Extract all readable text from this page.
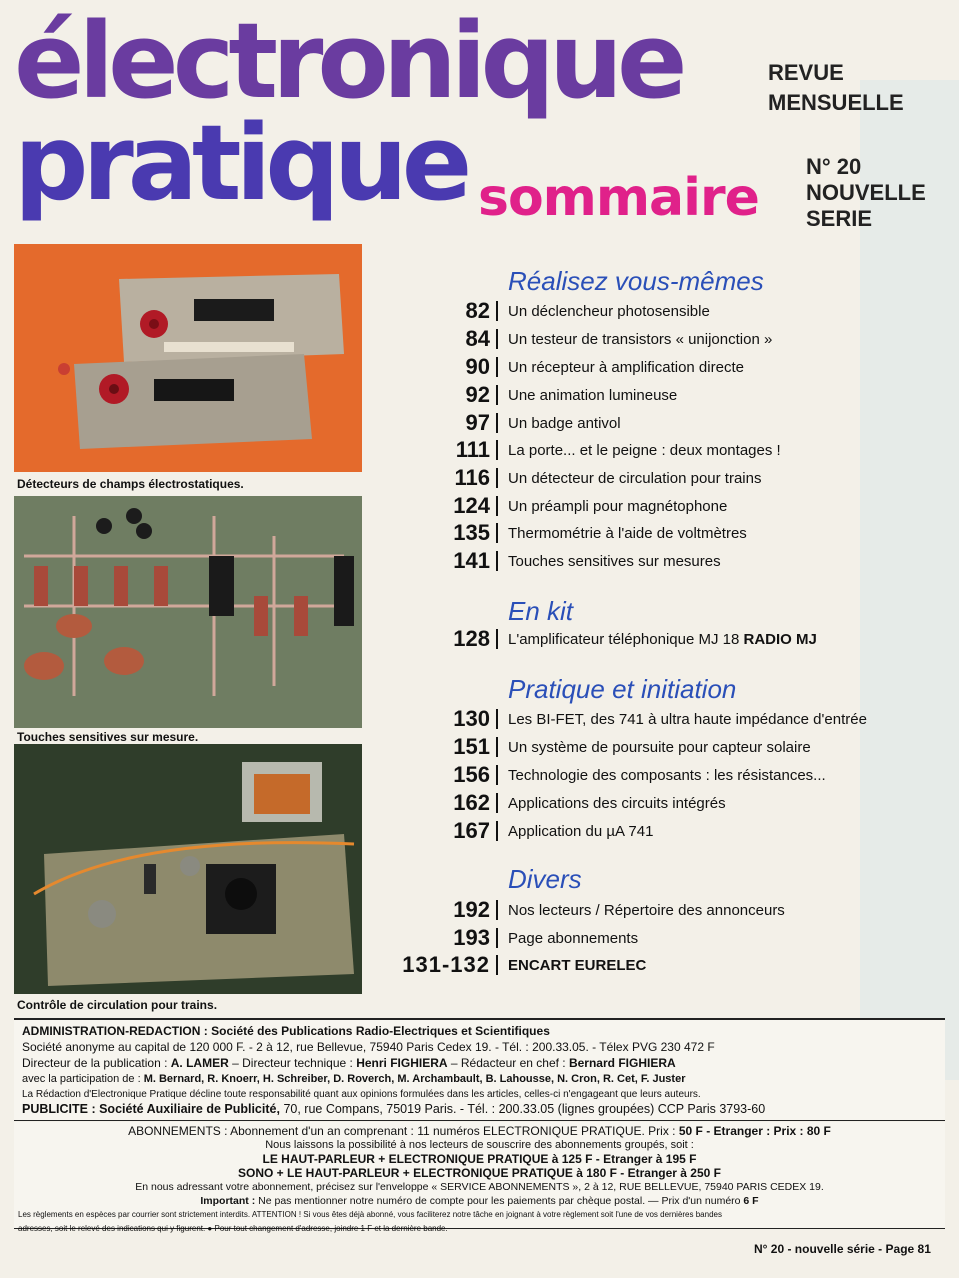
électronique
pratique sommaire
REVUE
MENSUELLE
N° 20
NOUVELLE
SERIE
Détecteurs de champs électrostatiques.
Touches sensitives sur mesure.
Contrôle de circulation pour trains.
Réalisez vous-mêmes
82 Un déclencheur photosensible
84 Un testeur de transistors « unijonction »
90 Un récepteur à amplification directe
92 Une animation lumineuse
97 Un badge antivol
111 La porte... et le peigne : deux montages !
116 Un détecteur de circulation pour trains
124 Un préampli pour magnétophone
135 Thermométrie à l'aide de voltmètres
141 Touches sensitives sur mesures
En kit
128 L'amplificateur téléphonique MJ 18 RADIO MJ
Pratique et initiation
130 Les BI-FET, des 741 à ultra haute impédance d'entrée
151 Un système de poursuite pour capteur solaire
156 Technologie des composants : les résistances...
162 Applications des circuits intégrés
167 Application du µA 741
Divers
192 Nos lecteurs / Répertoire des annonceurs
193 Page abonnements
131-132 ENCART EURELEC
ADMINISTRATION-REDACTION : Société des Publications Radio-Electriques et Scientifiques
Société anonyme au capital de 120 000 F. - 2 à 12, rue Bellevue, 75940 Paris Cedex 19. - Tél. : 200.33.05. - Télex PVG 230 472 F
Directeur de la publication : A. LAMER – Directeur technique : Henri FIGHIERA – Rédacteur en chef : Bernard FIGHIERA
avec la participation de : M. Bernard, R. Knoerr, H. Schreiber, D. Roverch, M. Archambault, B. Lahousse, N. Cron, R. Cet, F. Juster
La Rédaction d'Electronique Pratique décline toute responsabilité quant aux opinions formulées dans les articles, celles-ci n'engageant que leurs auteurs.
PUBLICITE : Société Auxiliaire de Publicité, 70, rue Compans, 75019 Paris. - Tél. : 200.33.05 (lignes groupées) CCP Paris 3793-60
ABONNEMENTS : Abonnement d'un an comprenant : 11 numéros ELECTRONIQUE PRATIQUE. Prix : 50 F - Etranger : Prix : 80 F
Nous laissons la possibilité à nos lecteurs de souscrire des abonnements groupés, soit :
LE HAUT-PARLEUR + ELECTRONIQUE PRATIQUE à 125 F - Etranger à 195 F
SONO + LE HAUT-PARLEUR + ELECTRONIQUE PRATIQUE à 180 F - Etranger à 250 F
En nous adressant votre abonnement, précisez sur l'enveloppe « SERVICE ABONNEMENTS », 2 à 12, RUE BELLEVUE, 75940 PARIS CEDEX 19.
Important : Ne pas mentionner notre numéro de compte pour les paiements par chèque postal. — Prix d'un numéro 6 F
Les règlements en espèces par courrier sont strictement interdits. ATTENTION ! Si vous êtes déjà abonné, vous faciliterez notre tâche en joignant à votre règlement soit l'une de vos dernières bandes
adresses, soit le relevé des indications qui y figurent. ● Pour tout changement d'adresse, joindre 1 F et la dernière bande.
N° 20 - nouvelle série - Page 81
